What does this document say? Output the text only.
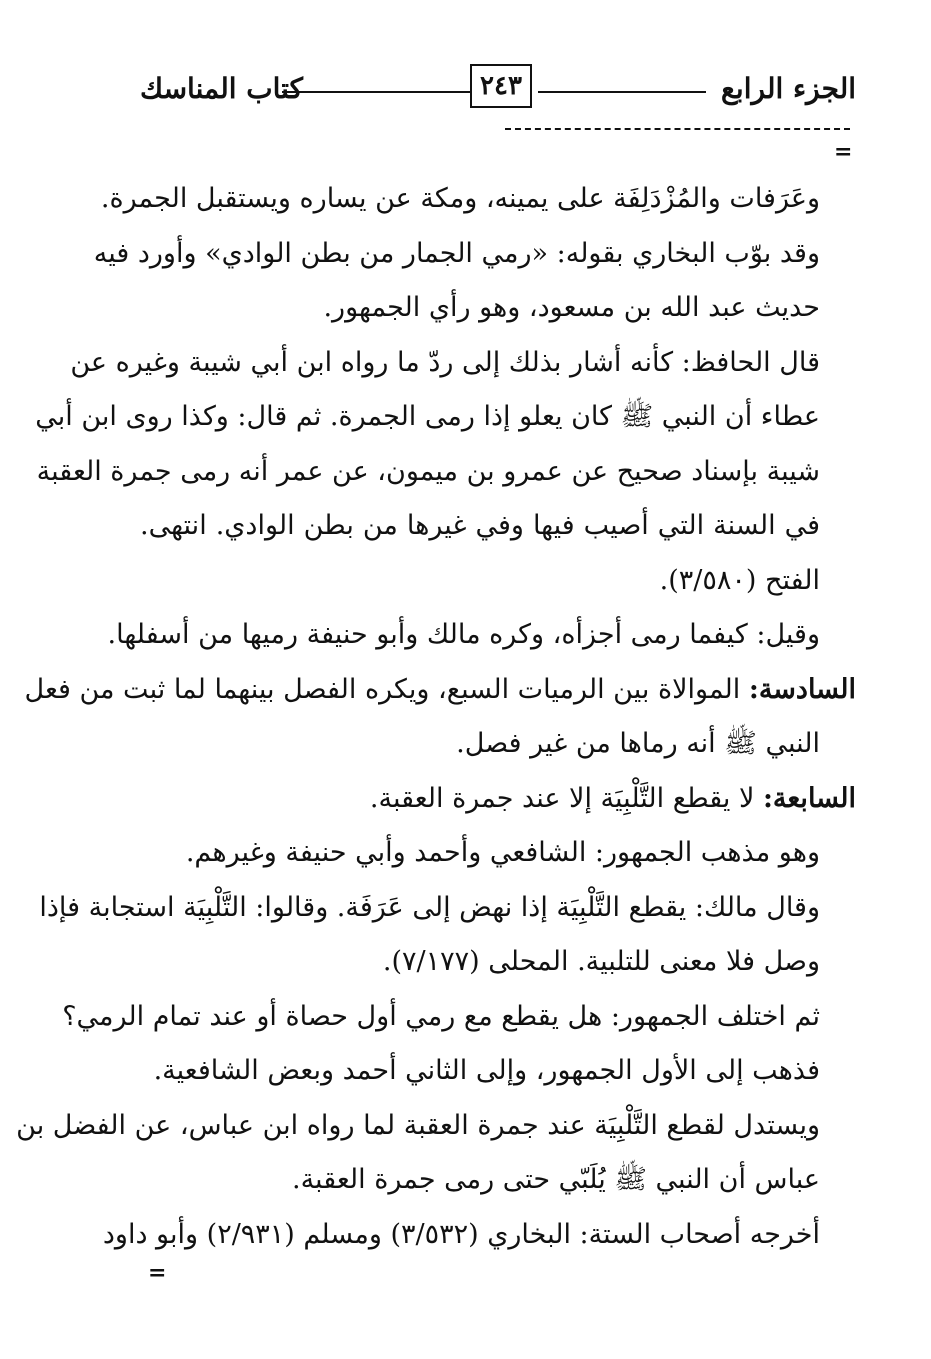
الجزء الرابع
٢٤٣
كتاب المناسك
=
وعَرَفات والمُزْدَلِفَة على يمينه، ومكة عن يساره ويستقبل الجمرة.
وقد بوّب البخاري بقوله: «رمي الجمار من بطن الوادي» وأورد فيه
حديث عبد الله بن مسعود، وهو رأي الجمهور.
قال الحافظ: كأنه أشار بذلك إلى ردّ ما رواه ابن أبي شيبة وغيره عن
عطاء أن النبي ﷺ كان يعلو إذا رمى الجمرة. ثم قال: وكذا روى ابن أبي
شيبة بإسناد صحيح عن عمرو بن ميمون، عن عمر أنه رمى جمرة العقبة
في السنة التي أصيب فيها وفي غيرها من بطن الوادي. انتهى.
الفتح (٣/٥٨٠).
وقيل: كيفما رمى أجزأه، وكره مالك وأبو حنيفة رميها من أسفلها.
السادسة: الموالاة بين الرميات السبع، ويكره الفصل بينهما لما ثبت من فعل
النبي ﷺ أنه رماها من غير فصل.
السابعة: لا يقطع التَّلْبِيَة إلا عند جمرة العقبة.
وهو مذهب الجمهور: الشافعي وأحمد وأبي حنيفة وغيرهم.
وقال مالك: يقطع التَّلْبِيَة إذا نهض إلى عَرَفَة. وقالوا: التَّلْبِيَة استجابة فإذا
وصل فلا معنى للتلبية. المحلى (٧/١٧٧).
ثم اختلف الجمهور: هل يقطع مع رمي أول حصاة أو عند تمام الرمي؟
فذهب إلى الأول الجمهور، وإلى الثاني أحمد وبعض الشافعية.
ويستدل لقطع التَّلْبِيَة عند جمرة العقبة لما رواه ابن عباس، عن الفضل بن
عباس أن النبي ﷺ يُلَبّي حتى رمى جمرة العقبة.
أخرجه أصحاب الستة: البخاري (٣/٥٣٢) ومسلم (٢/٩٣١) وأبو داود
=
